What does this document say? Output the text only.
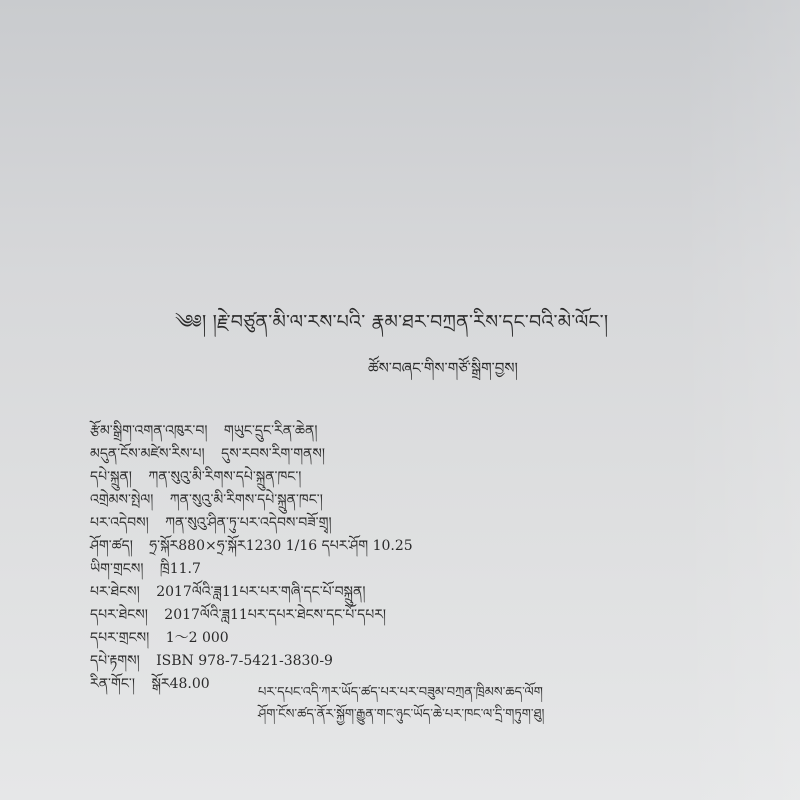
༄༅། །རྗེ་བཙུན་མི་ལ་རས་པའི་ རྣམ་ཐར་བཀྲན་རིས་དང་བའི་མེ་ལོང་།
ཚོས་བཞང་གིས་གཙོ་སྒྲིག་བྱས།
རྩོམ་སྒྲིག་འགན་འཁུར་བ། གཡུང་དྲུང་རིན་ཆེན།
མདུན་ངོས་མཛེས་རིས་པ། དུས་རབས་རིག་གནས།
དཔེ་སྐྲུན། ཀན་སུའུ་མི་རིགས་དཔེ་སྐྲུན་ཁང་།
འགྲེམས་སྤེལ། ཀན་སུའུ་མི་རིགས་དཔེ་སྐྲུན་ཁང་།
པར་འདེབས། ཀན་སུའུ་ཤིན་ཏུ་པར་འདེབས་བཟོ་གྲྭ།
ཤོག་ཚད། ཧྲ་སྐོར880×ཧྲ་སྐོར1230 1/16 དཔར་ཤོག 10.25
ཡིག་གྲངས། ཁྲི11.7
པར་ཐེངས། 2017ལོའི་ཟླ11པར་པར་གཞི་དང་པོ་བསྐྲུན།
དཔར་ཐེངས། 2017ལོའི་ཟླ11པར་དཔར་ཐེངས་དང་པོ་དཔར།
དཔར་གྲངས། 1～2 000
དཔེ་རྟགས། ISBN 978-7-5421-3830-9
རིན་གོང་། སྒོར48.00
པར་དཔང་འདི་ཀར་ཡོད་ཚད་པར་པར་བཟུམ་བཀྲན་ཁྲིམས་ཆད་ལོག
ཤོག་ངོས་ཚད་ནོར་སྐྱོག་རྒྱུན་གང་ཉུང་ཡོད་ཆེ་པར་ཁང་ལ་དྲི་གཏུག་ཐུ།
